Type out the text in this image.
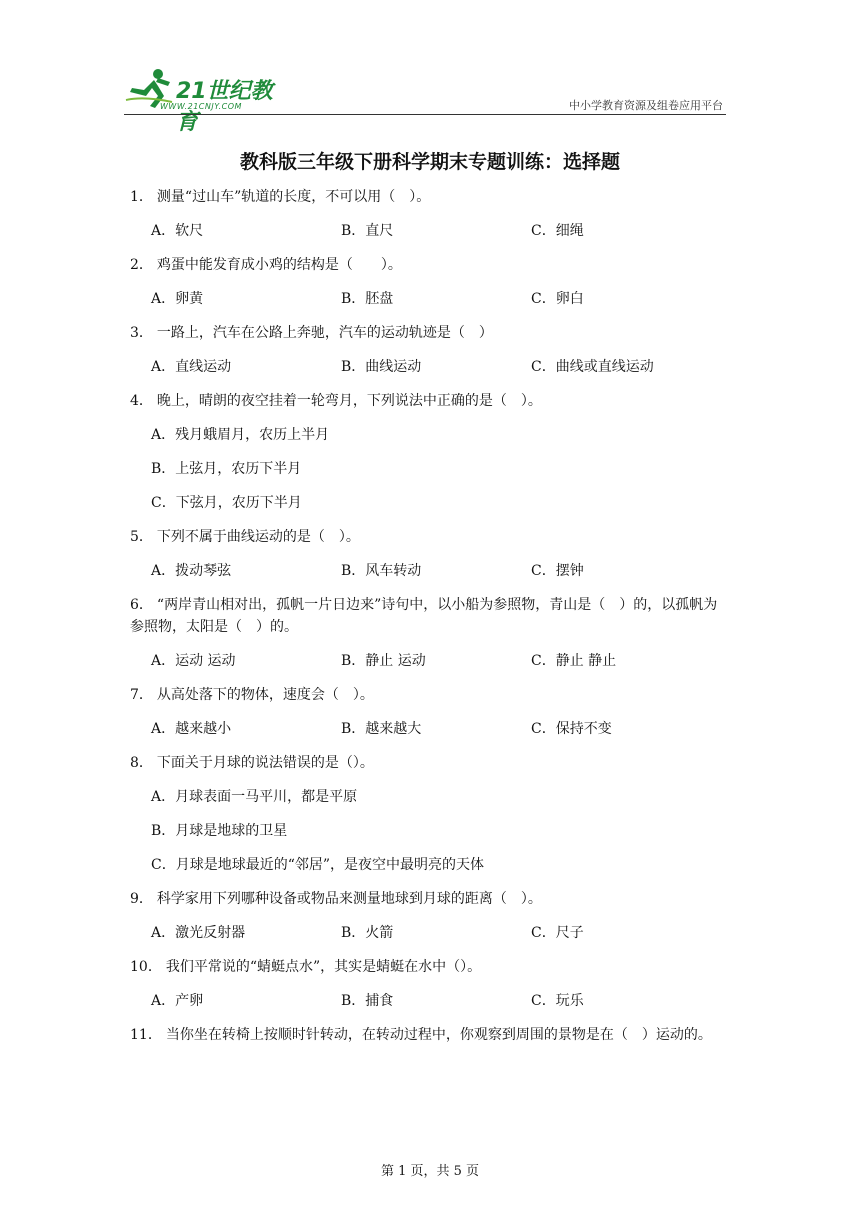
21世纪教育
WWW.21CNJY.COM	中小学教育资源及组卷应用平台
教科版三年级下册科学期末专题训练：选择题
1． 测量“过山车”轨道的长度，不可以用（　）。
A．软尺	B．直尺	C．细绳
2． 鸡蛋中能发育成小鸡的结构是（　　）。
A．卵黄	B．胚盘	C．卵白
3． 一路上，汽车在公路上奔驰，汽车的运动轨迹是（　）
A．直线运动	B．曲线运动	C．曲线或直线运动
4． 晚上，晴朗的夜空挂着一轮弯月，下列说法中正确的是（　）。
A．残月蛾眉月，农历上半月
B．上弦月，农历下半月
C．下弦月，农历下半月
5． 下列不属于曲线运动的是（　）。
A．拨动琴弦	B．风车转动	C．摆钟
6． “两岸青山相对出，孤帆一片日边来”诗句中，以小船为参照物，青山是（　）的，以孤帆为参照物，太阳是（　）的。
A．运动 运动	B．静止 运动	C．静止 静止
7． 从高处落下的物体，速度会（　）。
A．越来越小	B．越来越大	C．保持不变
8． 下面关于月球的说法错误的是（）。
A．月球表面一马平川，都是平原
B．月球是地球的卫星
C．月球是地球最近的“邻居”，是夜空中最明亮的天体
9． 科学家用下列哪种设备或物品来测量地球到月球的距离（　）。
A．激光反射器	B．火箭	C．尺子
10． 我们平常说的“蜻蜓点水”，其实是蜻蜓在水中（）。
A．产卵	B．捕食	C．玩乐
11． 当你坐在转椅上按顺时针转动，在转动过程中，你观察到周围的景物是在（　）运动的。
第 1 页，共 5 页
